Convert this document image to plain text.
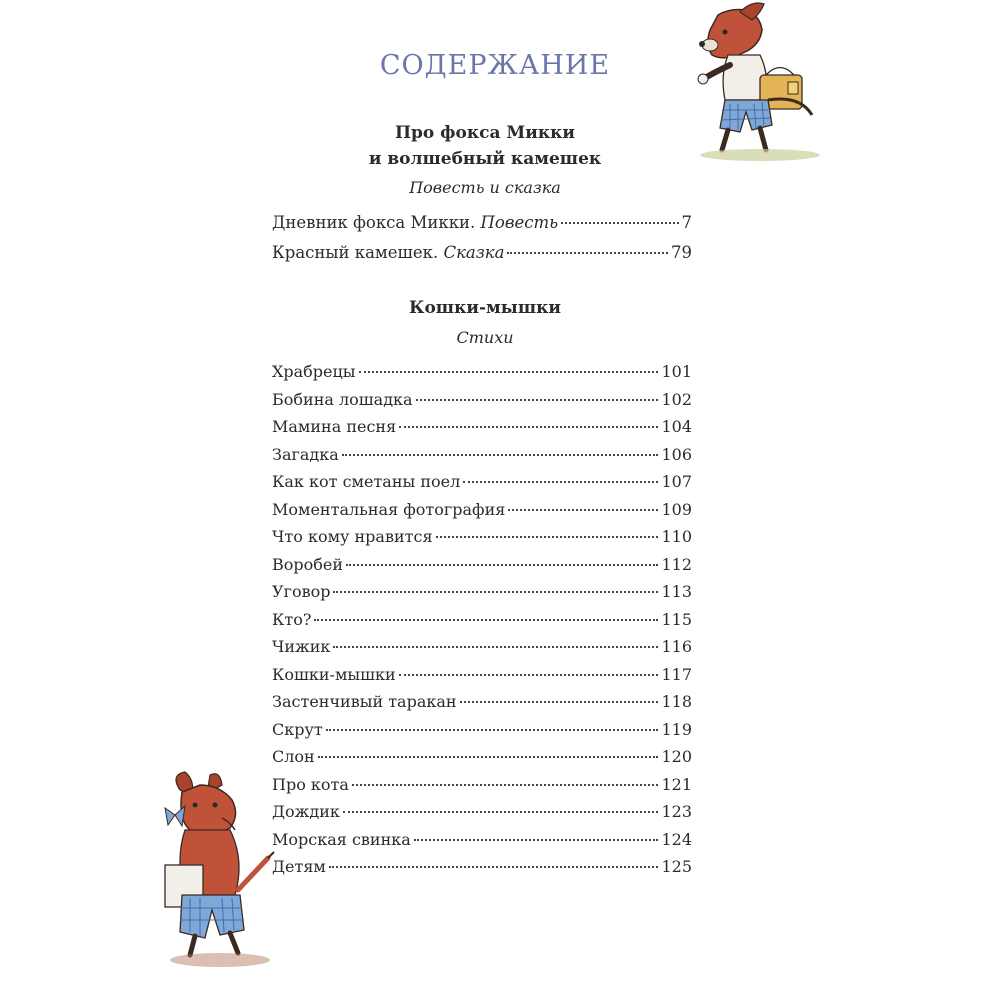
СОДЕРЖАНИЕ
Про фокса Микки
и волшебный камешек
Повесть и сказка
Дневник фокса Микки. Повесть	7
Красный камешек. Сказка	79
Кошки-мышки
Стихи
Храбрецы	101
Бобина лошадка	102
Мамина песня	104
Загадка	106
Как кот сметаны поел	107
Моментальная фотография	109
Что кому нравится	110
Воробей	112
Уговор	113
Кто?	115
Чижик	116
Кошки-мышки	117
Застенчивый таракан	118
Скрут	119
Слон	120
Про кота	121
Дождик	123
Морская свинка	124
Детям	125
